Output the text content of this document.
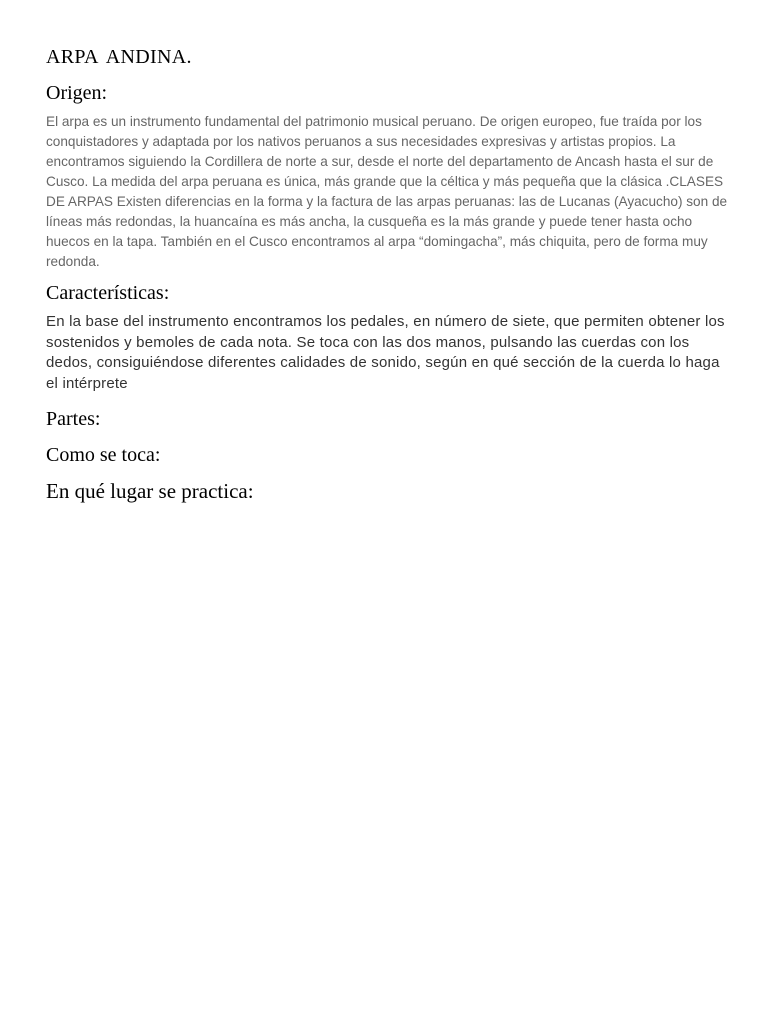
ARPA ANDINA.
Origen:

El arpa es un instrumento fundamental del patrimonio musical peruano. De origen europeo, fue traída por los conquistadores y adaptada por los nativos peruanos a sus necesidades expresivas y artistas propios. La encontramos siguiendo la Cordillera de norte a sur, desde el norte del departamento de Ancash hasta el sur de Cusco. La medida del arpa peruana es única, más grande que la céltica y más pequeña que la clásica .CLASES DE ARPAS Existen diferencias en la forma y la factura de las arpas peruanas: las de Lucanas (Ayacucho) son de líneas más redondas, la huancaína es más ancha, la cusqueña es la más grande y puede tener hasta ocho huecos en la tapa. También en el Cusco encontramos al arpa “domingacha”, más chiquita, pero de forma muy redonda.

Características:

En la base del instrumento encontramos los pedales, en número de siete, que permiten obtener los sostenidos y bemoles de cada nota. Se toca con las dos manos, pulsando las cuerdas con los dedos, consiguiéndose diferentes calidades de sonido, según en qué sección de la cuerda lo haga el intérprete

Partes:
Como se toca:
En qué lugar se practica:
